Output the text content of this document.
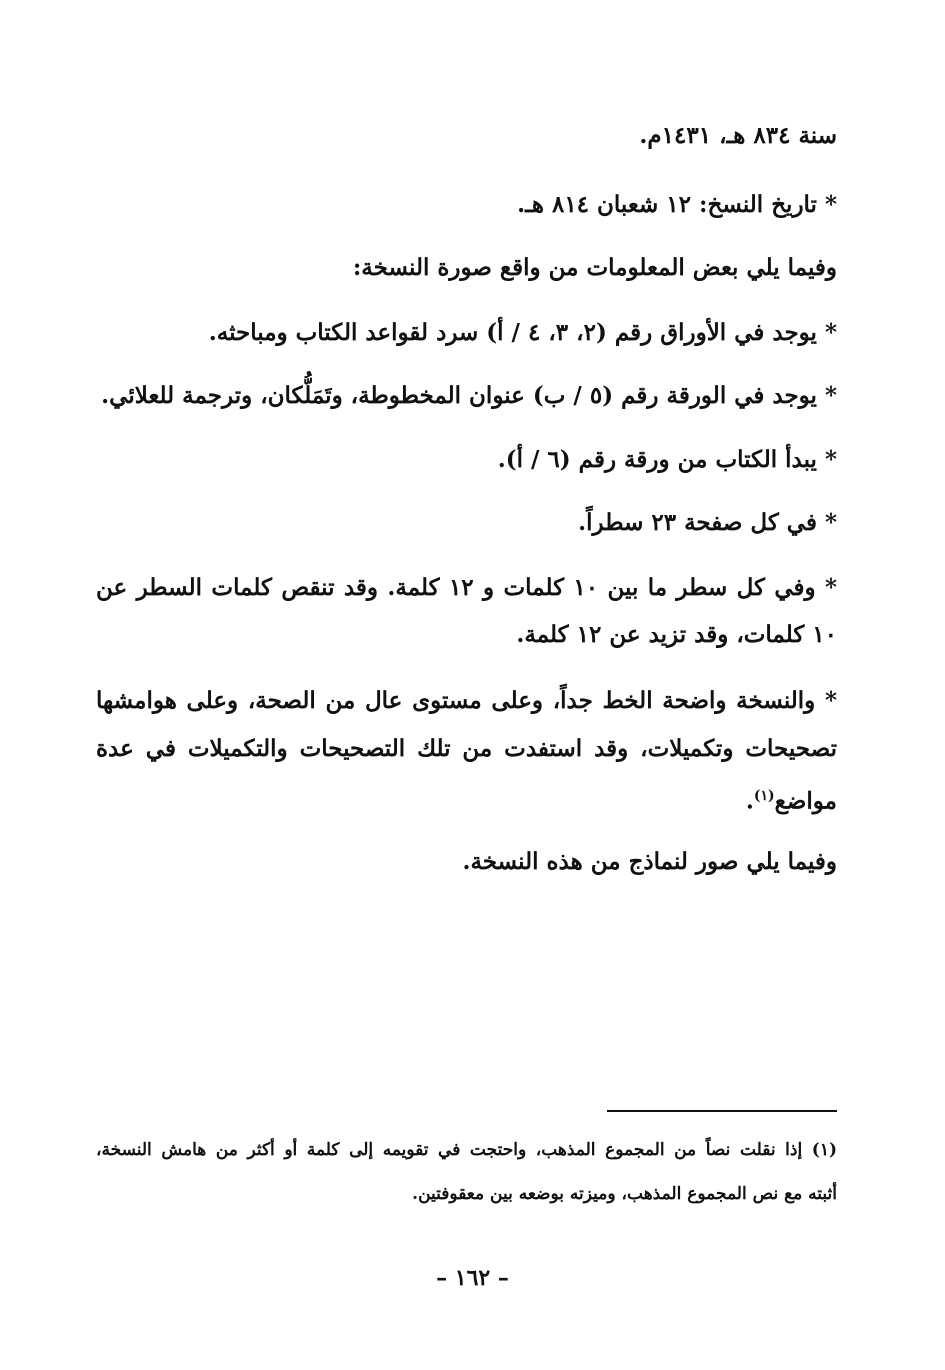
سنة ٨٣٤ هـ، ١٤٣١م.
* تاريخ النسخ: ١٢ شعبان ٨١٤ هـ.
وفيما يلي بعض المعلومات من واقع صورة النسخة:
* يوجد في الأوراق رقم (٢، ٣، ٤ / أ) سرد لقواعد الكتاب ومباحثه.
* يوجد في الورقة رقم (٥ / ب) عنوان المخطوطة، وتَمَلُّكان، وترجمة للعلائي.
* يبدأ الكتاب من ورقة رقم (٦ / أ).
* في كل صفحة ٢٣ سطراً.
* وفي كل سطر ما بين ١٠ كلمات و ١٢ كلمة. وقد تنقص كلمات السطر عن
١٠ كلمات، وقد تزيد عن ١٢ كلمة.
* والنسخة واضحة الخط جداً، وعلى مستوى عال من الصحة، وعلى هوامشها
تصحيحات وتكميلات، وقد استفدت من تلك التصحيحات والتكميلات في عدة
مواضع$^{(١)}$.
وفيما يلي صور لنماذج من هذه النسخة.
(١) إذا نقلت نصاً من المجموع المذهب، واحتجت في تقويمه إلى كلمة أو أكثر من هامش النسخة،
أثبته مع نص المجموع المذهب، وميزته بوضعه بين معقوفتين.
– ١٦٢ –
